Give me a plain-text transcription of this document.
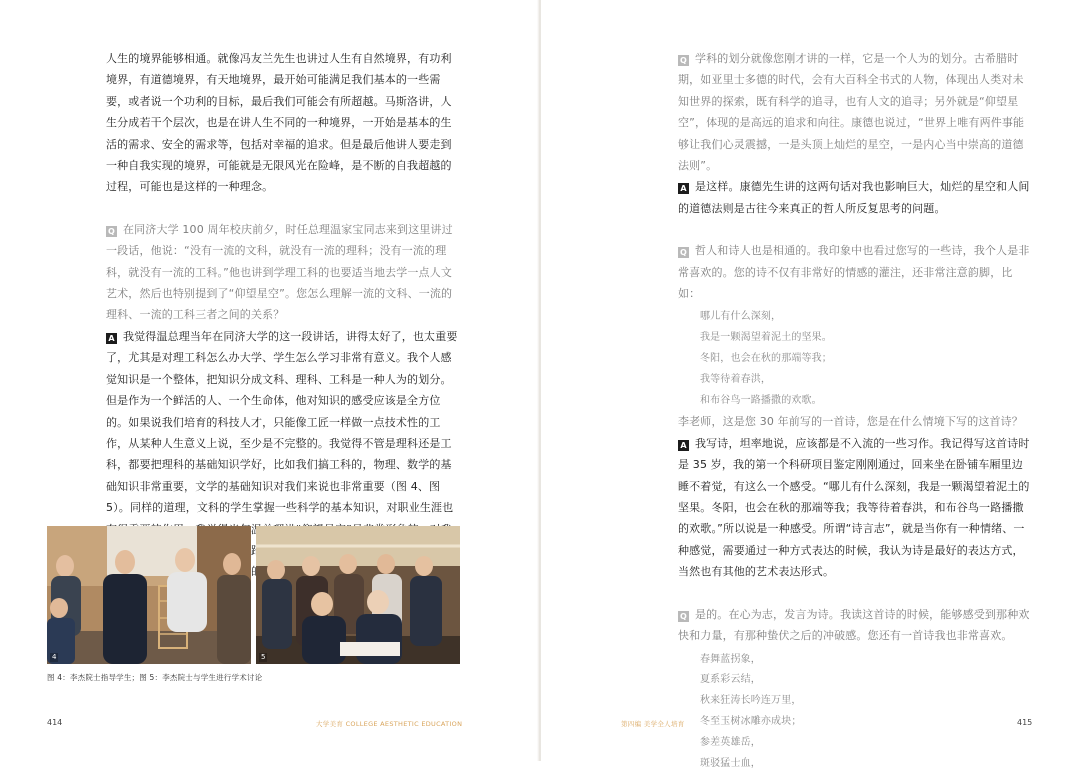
人生的境界能够相通。就像冯友兰先生也讲过人生有自然境界，有功利境界，有道德境界，有天地境界，最开始可能满足我们基本的一些需要，或者说一个功利的目标，最后我们可能会有所超越。马斯洛讲，人生分成若干个层次，也是在讲人生不同的一种境界，一开始是基本的生活的需求、安全的需求等，包括对幸福的追求。但是最后他讲人要走到一种自我实现的境界，可能就是无限风光在险峰，是不断的自我超越的过程，可能也是这样的一种理念。

Q 在同济大学 100 周年校庆前夕，时任总理温家宝同志来到这里讲过一段话，他说：“没有一流的文科，就没有一流的理科；没有一流的理科，就没有一流的工科。”他也讲到学理工科的也要适当地去学一点人文艺术，然后也特别提到了“仰望星空”。您怎么理解一流的文科、一流的理科、一流的工科三者之间的关系？

A 我觉得温总理当年在同济大学的这一段讲话，讲得太好了，也太重要了，尤其是对理工科怎么办大学、学生怎么学习非常有意义。我个人感觉知识是一个整体，把知识分成文科、理科、工科是一种人为的划分。但是作为一个鲜活的人、一个生命体，他对知识的感受应该是全方位的。如果说我们培育的科技人才，只能像工匠一样做一点技术性的工作，从某种人生意义上说，至少是不完整的。我觉得不管是理科还是工科，都要把理科的基础知识学好，比如我们搞工科的，物理、数学的基础知识非常重要，文学的基础知识对我们来说也非常重要（图 4、图 5）。同样的道理，文科的学生掌握一些科学的基本知识，对职业生涯也

4	5
图 4：李杰院士指导学生；图 5：李杰院士与学生进行学术讨论
414	大学美育 COLLEGE AESTHETIC EDUCATION

Q 学科的划分就像您刚才讲的一样，它是一个人为的划分。古希腊时期，如亚里士多德的时代，会有大百科全书式的人物，体现出人类对未知世界的探索，既有科学的追寻，也有人文的追寻；另外就是“仰望星空”，体现的是高远的追求和向往。康德也说过，“世界上唯有两件事能够让我们心灵震撼，一是头顶上灿烂的星空，一是内心当中崇高的道德法则”。

A 是这样。康德先生讲的这两句话对我也影响巨大，灿烂的星空和人间的道德法则是古往今来真正的哲人所反复思考的问题。

Q 哲人和诗人也是相通的。我印象中也看过您写的一些诗，我个人是非常喜欢的。您的诗不仅有非常好的情感的灌注，还非常注意韵脚，比如：

哪儿有什么深刻，
我是一颗渴望着泥土的坚果。
冬阳，也会在秋的那端等我；
我等待着春洪，
和布谷鸟一路播撒的欢歌。

李老师，这是您 30 年前写的一首诗，您是在什么情境下写的这首诗？

A 我写诗，坦率地说，应该都是不入流的一些习作。我记得写这首诗时是 35 岁，我的第一个科研项目鉴定刚刚通过，回来坐在卧铺车厢里边睡不着觉，有这么一个感受。“哪儿有什么深刻，我是一颗渴望着泥土的坚果。冬阳，也会在秋的那端等我；我等待着春洪，和布谷鸟一路播撒的欢歌。”所以说是一种感受。所谓“诗言志”，就是当你有一种情绪、一种感觉，需要通过一种方式表达的时候，我认为诗是最好的表达方式，当然也有其他的艺术表达形式。

Q 是的。在心为志，发言为诗。我读这首诗的时候，能够感受到那种欢快和力量，有那种蛰伏之后的冲破感。您还有一首诗我也非常喜欢。

春舞蓝拐象，
夏系彩云结，
秋来狂涛长吟连万里，
冬至玉树冰雕亦成块；
参差英雄岳，
斑驳猛士血，
第四编 美学全人培育	415
